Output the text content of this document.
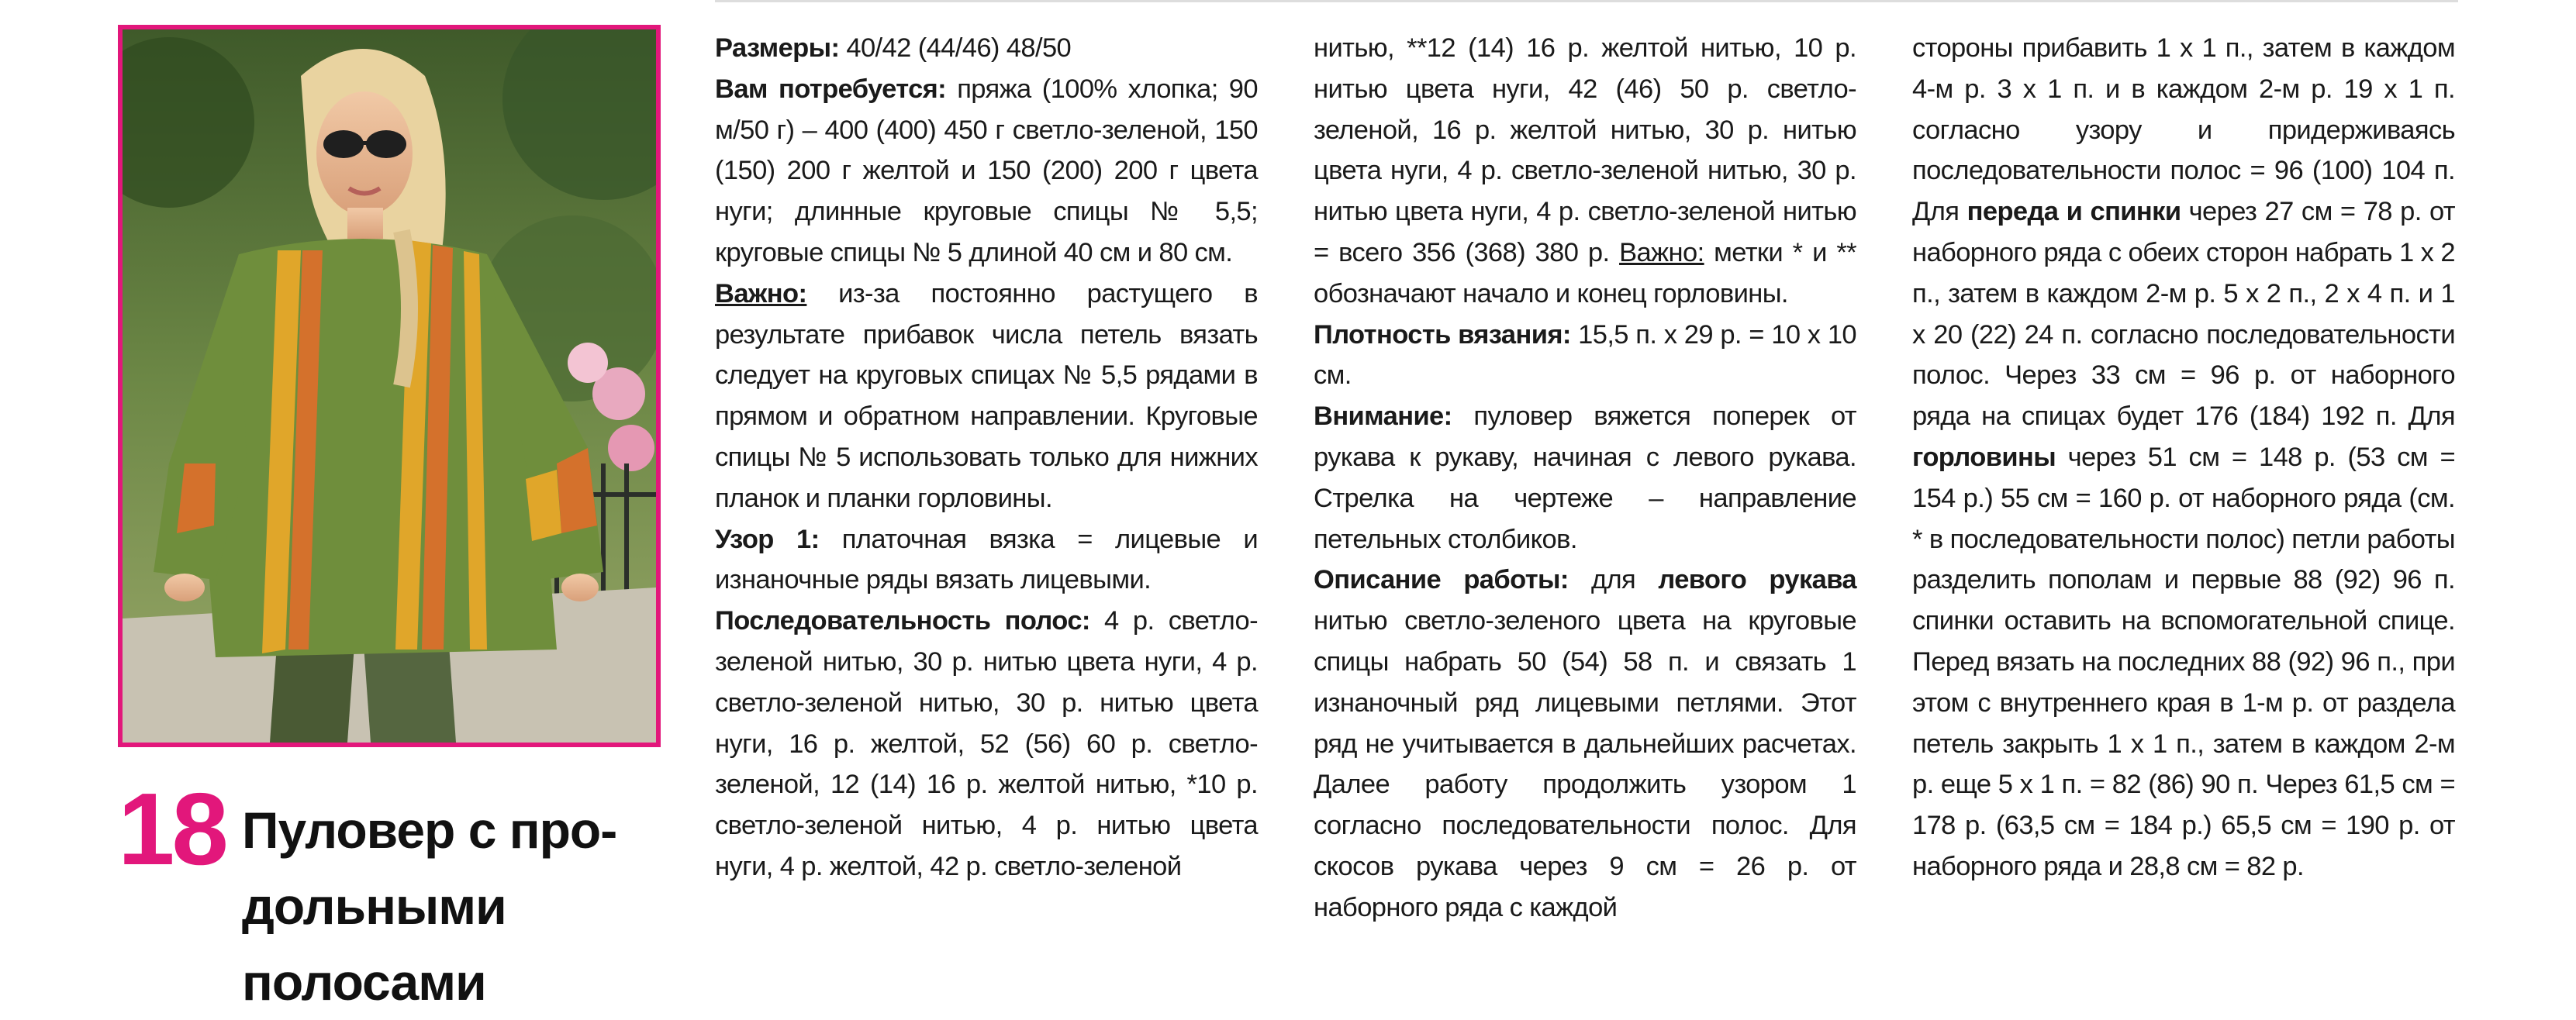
18 Пуловер с про-
дольными полосами

Размеры: 40/42 (44/46) 48/50

Вам потребуется: пряжа (100% хлопка; 90 м/50 г) – 400 (400) 450 г светло-зеленой, 150 (150) 200 г желтой и 150 (200) 200 г цвета нуги; длинные круговые спицы № 5,5; круговые спицы № 5 длиной 40 см и 80 см.

Важно: из-за постоянно растущего в результате прибавок числа петель вязать следует на круговых спицах № 5,5 рядами в прямом и обратном направлении. Круговые спицы № 5 использовать только для нижних планок и планки горловины.

Узор 1: платочная вязка = лицевые и изнаночные ряды вязать лицевыми.

Последовательность полос: 4 р. светло-зеленой нитью, 30 р. нитью цвета нуги, 4 р. светло-зеленой нитью, 30 р. нитью цвета нуги, 16 р. желтой, 52 (56) 60 р. светло-зеленой, 12 (14) 16 р. желтой нитью, *10 р. светло-зеленой нитью, 4 р. нитью цвета нуги, 4 р. желтой, 42 р. светло-зеленой

нитью, **12 (14) 16 р. желтой нитью, 10 р. нитью цвета нуги, 42 (46) 50 р. светло-зеленой, 16 р. желтой нитью, 30 р. нитью цвета нуги, 4 р. светло-зеленой нитью, 30 р. нитью цвета нуги, 4 р. светло-зеленой нитью = всего 356 (368) 380 р. Важно: метки * и ** обозначают начало и конец горловины.

Плотность вязания: 15,5 п. х 29 р. = 10 х 10 см.

Внимание: пуловер вяжется поперек от рукава к рукаву, начиная с левого рукава. Стрелка на чертеже – направление петельных столбиков.

Описание работы: для левого рукава нитью светло-зеленого цвета на круговые спицы набрать 50 (54) 58 п. и связать 1 изнаночный ряд лицевыми петлями. Этот ряд не учитывается в дальнейших расчетах. Далее работу продолжить узором 1 согласно последовательности полос. Для скосов рукава через 9 см = 26 р. от наборного ряда с каждой

стороны прибавить 1 х 1 п., затем в каждом 4-м р. 3 х 1 п. и в каждом 2-м р. 19 х 1 п. согласно узору и придерживаясь последовательности полос = 96 (100) 104 п. Для переда и спинки через 27 см = 78 р. от наборного ряда с обеих сторон набрать 1 х 2 п., затем в каждом 2-м р. 5 х 2 п., 2 х 4 п. и 1 х 20 (22) 24 п. согласно последовательности полос. Через 33 см = 96 р. от наборного ряда на спицах будет 176 (184) 192 п. Для горловины через 51 см = 148 р. (53 см = 154 р.) 55 см = 160 р. от наборного ряда (см. * в последовательности полос) петли работы разделить пополам и первые 88 (92) 96 п. спинки оставить на вспомогательной спице. Перед вязать на последних 88 (92) 96 п., при этом с внутреннего края в 1-м р. от раздела петель закрыть 1 х 1 п., затем в каждом 2-м р. еще 5 х 1 п. = 82 (86) 90 п. Через 61,5 см = 178 р. (63,5 см = 184 р.) 65,5 см = 190 р. от наборного ряда и 28,8 см = 82 р.
